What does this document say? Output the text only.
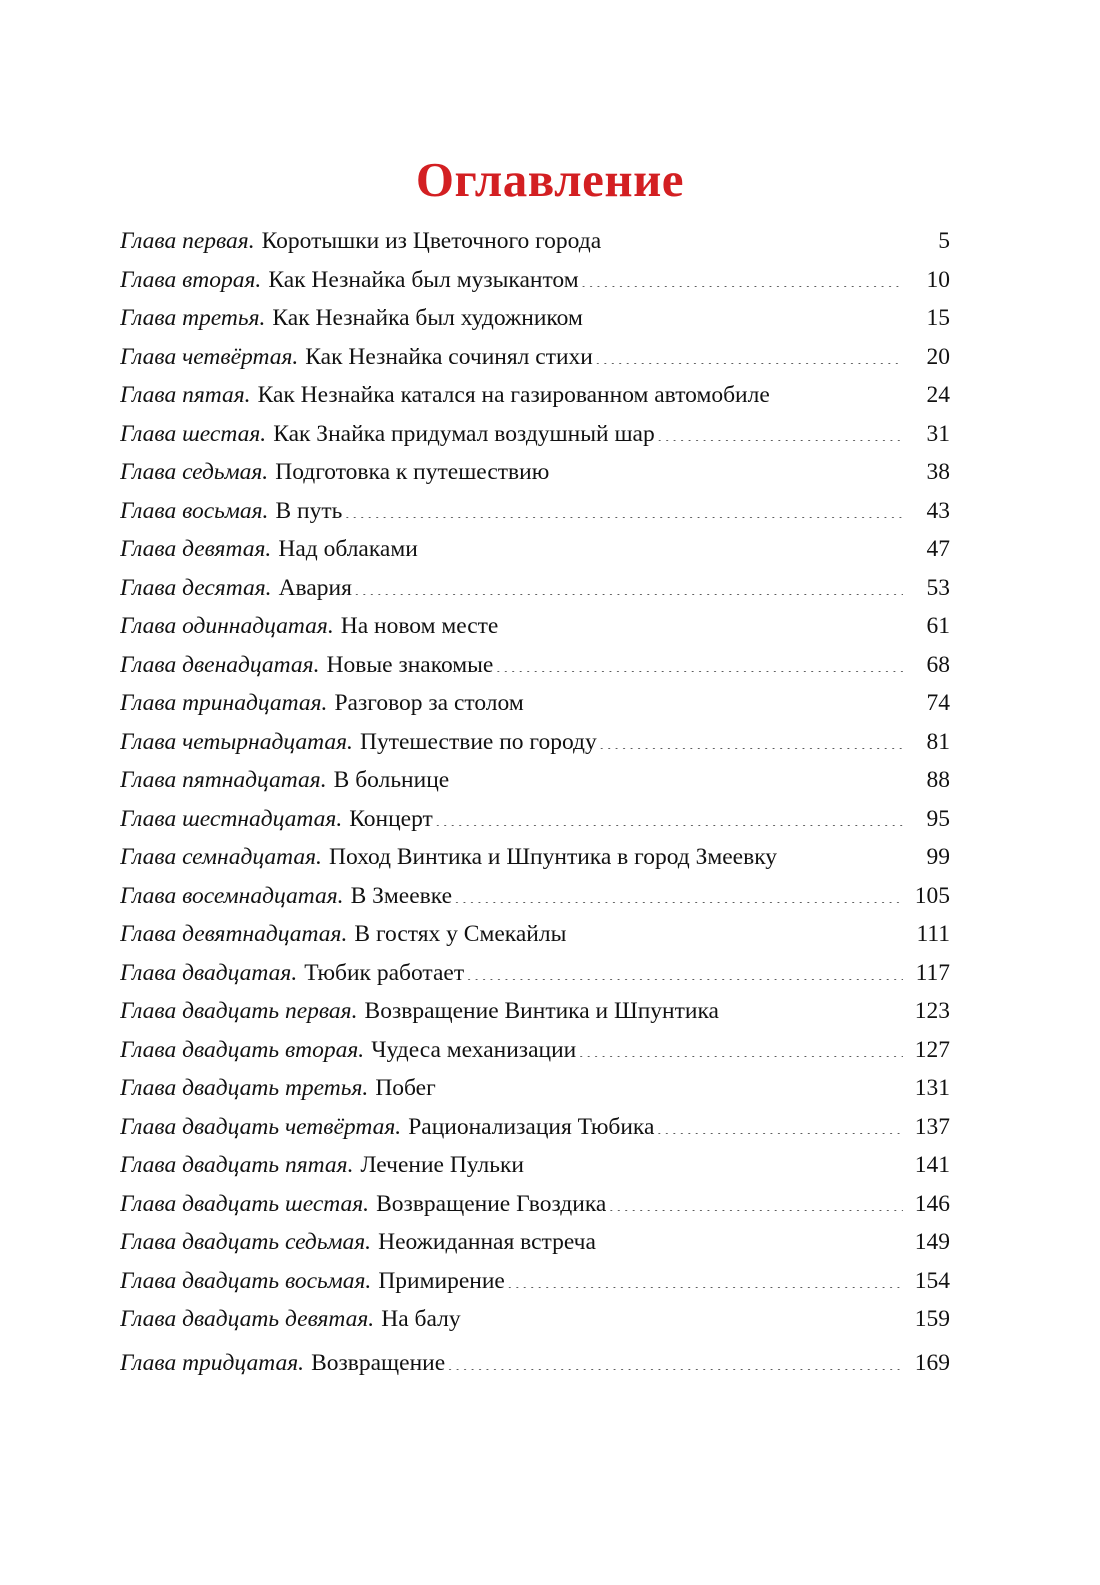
Оглавление
Глава первая. Коротышки из Цветочного города .....	5
Глава вторая. Как Незнайка был музыкантом .....	10
Глава третья. Как Незнайка был художником .....	15
Глава четвёртая. Как Незнайка сочинял стихи .....	20
Глава пятая. Как Незнайка катался на газированном автомобиле .....	24
Глава шестая. Как Знайка придумал воздушный шар .....	31
Глава седьмая. Подготовка к путешествию .....	38
Глава восьмая. В путь .....	43
Глава девятая. Над облаками .....	47
Глава десятая. Авария .....	53
Глава одиннадцатая. На новом месте .....	61
Глава двенадцатая. Новые знакомые .....	68
Глава тринадцатая. Разговор за столом .....	74
Глава четырнадцатая. Путешествие по городу .....	81
Глава пятнадцатая. В больнице .....	88
Глава шестнадцатая. Концерт .....	95
Глава семнадцатая. Поход Винтика и Шпунтика в город Змеевку .....	99
Глава восемнадцатая. В Змеевке .....	105
Глава девятнадцатая. В гостях у Смекайлы .....	111
Глава двадцатая. Тюбик работает .....	117
Глава двадцать первая. Возвращение Винтика и Шпунтика .....	123
Глава двадцать вторая. Чудеса механизации .....	127
Глава двадцать третья. Побег .....	131
Глава двадцать четвёртая. Рационализация Тюбика .....	137
Глава двадцать пятая. Лечение Пульки .....	141
Глава двадцать шестая. Возвращение Гвоздика .....	146
Глава двадцать седьмая. Неожиданная встреча .....	149
Глава двадцать восьмая. Примирение .....	154
Глава двадцать девятая. На балу .....	159
Глава тридцатая. Возвращение .....	169
